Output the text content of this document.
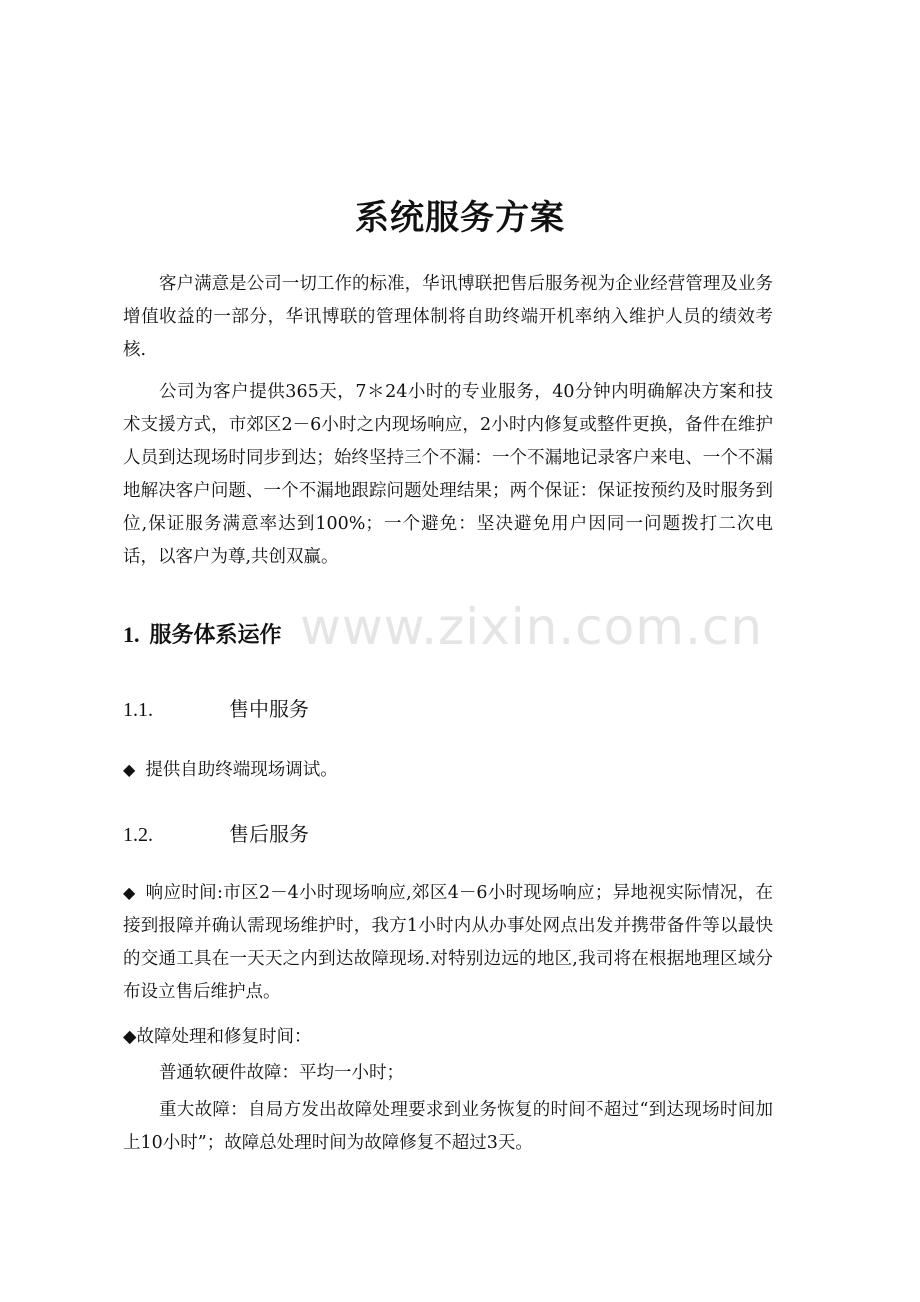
www.zixin.com.cn
系统服务方案

客户满意是公司一切工作的标准，华讯博联把售后服务视为企业经营管理及业务增值收益的一部分，华讯博联的管理体制将自助终端开机率纳入维护人员的绩效考核.

公司为客户提供365天，7＊24小时的专业服务，40分钟内明确解决方案和技术支援方式，市郊区2－6小时之内现场响应，2小时内修复或整件更换，备件在维护人员到达现场时同步到达；始终坚持三个不漏：一个不漏地记录客户来电、一个不漏地解决客户问题、一个不漏地跟踪问题处理结果；两个保证：保证按预约及时服务到位,保证服务满意率达到100%；一个避免：坚决避免用户因同一问题拨打二次电话，以客户为尊,共创双赢。

1. 服务体系运作
1.1.	售中服务
◆ 提供自助终端现场调试。
1.2.	售后服务

◆ 响应时间:市区2－4小时现场响应,郊区4－6小时现场响应；异地视实际情况，在接到报障并确认需现场维护时，我方1小时内从办事处网点出发并携带备件等以最快的交通工具在一天天之内到达故障现场.对特别边远的地区,我司将在根据地理区域分布设立售后维护点。

◆故障处理和修复时间：

普通软硬件故障：平均一小时；

重大故障：自局方发出故障处理要求到业务恢复的时间不超过“到达现场时间加上10小时”；故障总处理时间为故障修复不超过3天。
